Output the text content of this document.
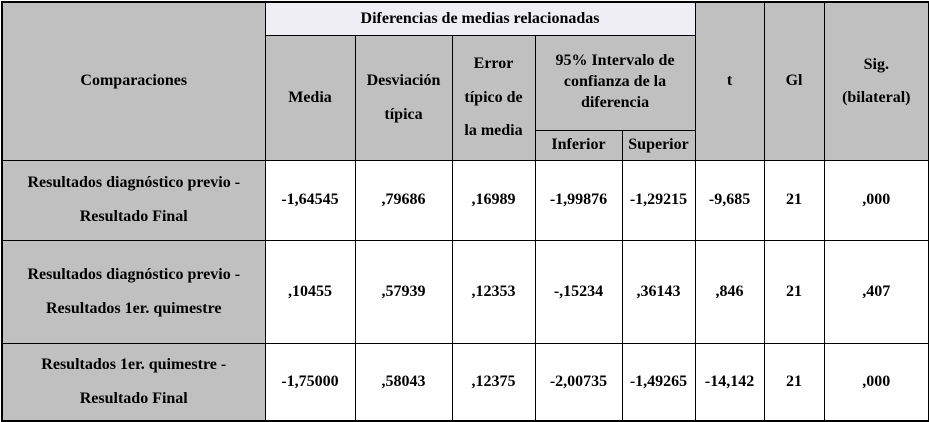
Comparaciones	Diferencias de medias relacionadas					t	Gl	Sig. (bilateral)
	Media	Desviación típica	Error típico de la media	95% Intervalo de confianza de la diferencia				
				Inferior	Superior			
Resultados diagnóstico previo - Resultado Final	-1,64545	,79686	,16989	-1,99876	-1,29215	-9,685	21	,000
Resultados diagnóstico previo - Resultados 1er. quimestre	,10455	,57939	,12353	-,15234	,36143	,846	21	,407
Resultados 1er. quimestre - Resultado Final	-1,75000	,58043	,12375	-2,00735	-1,49265	-14,142	21	,000
